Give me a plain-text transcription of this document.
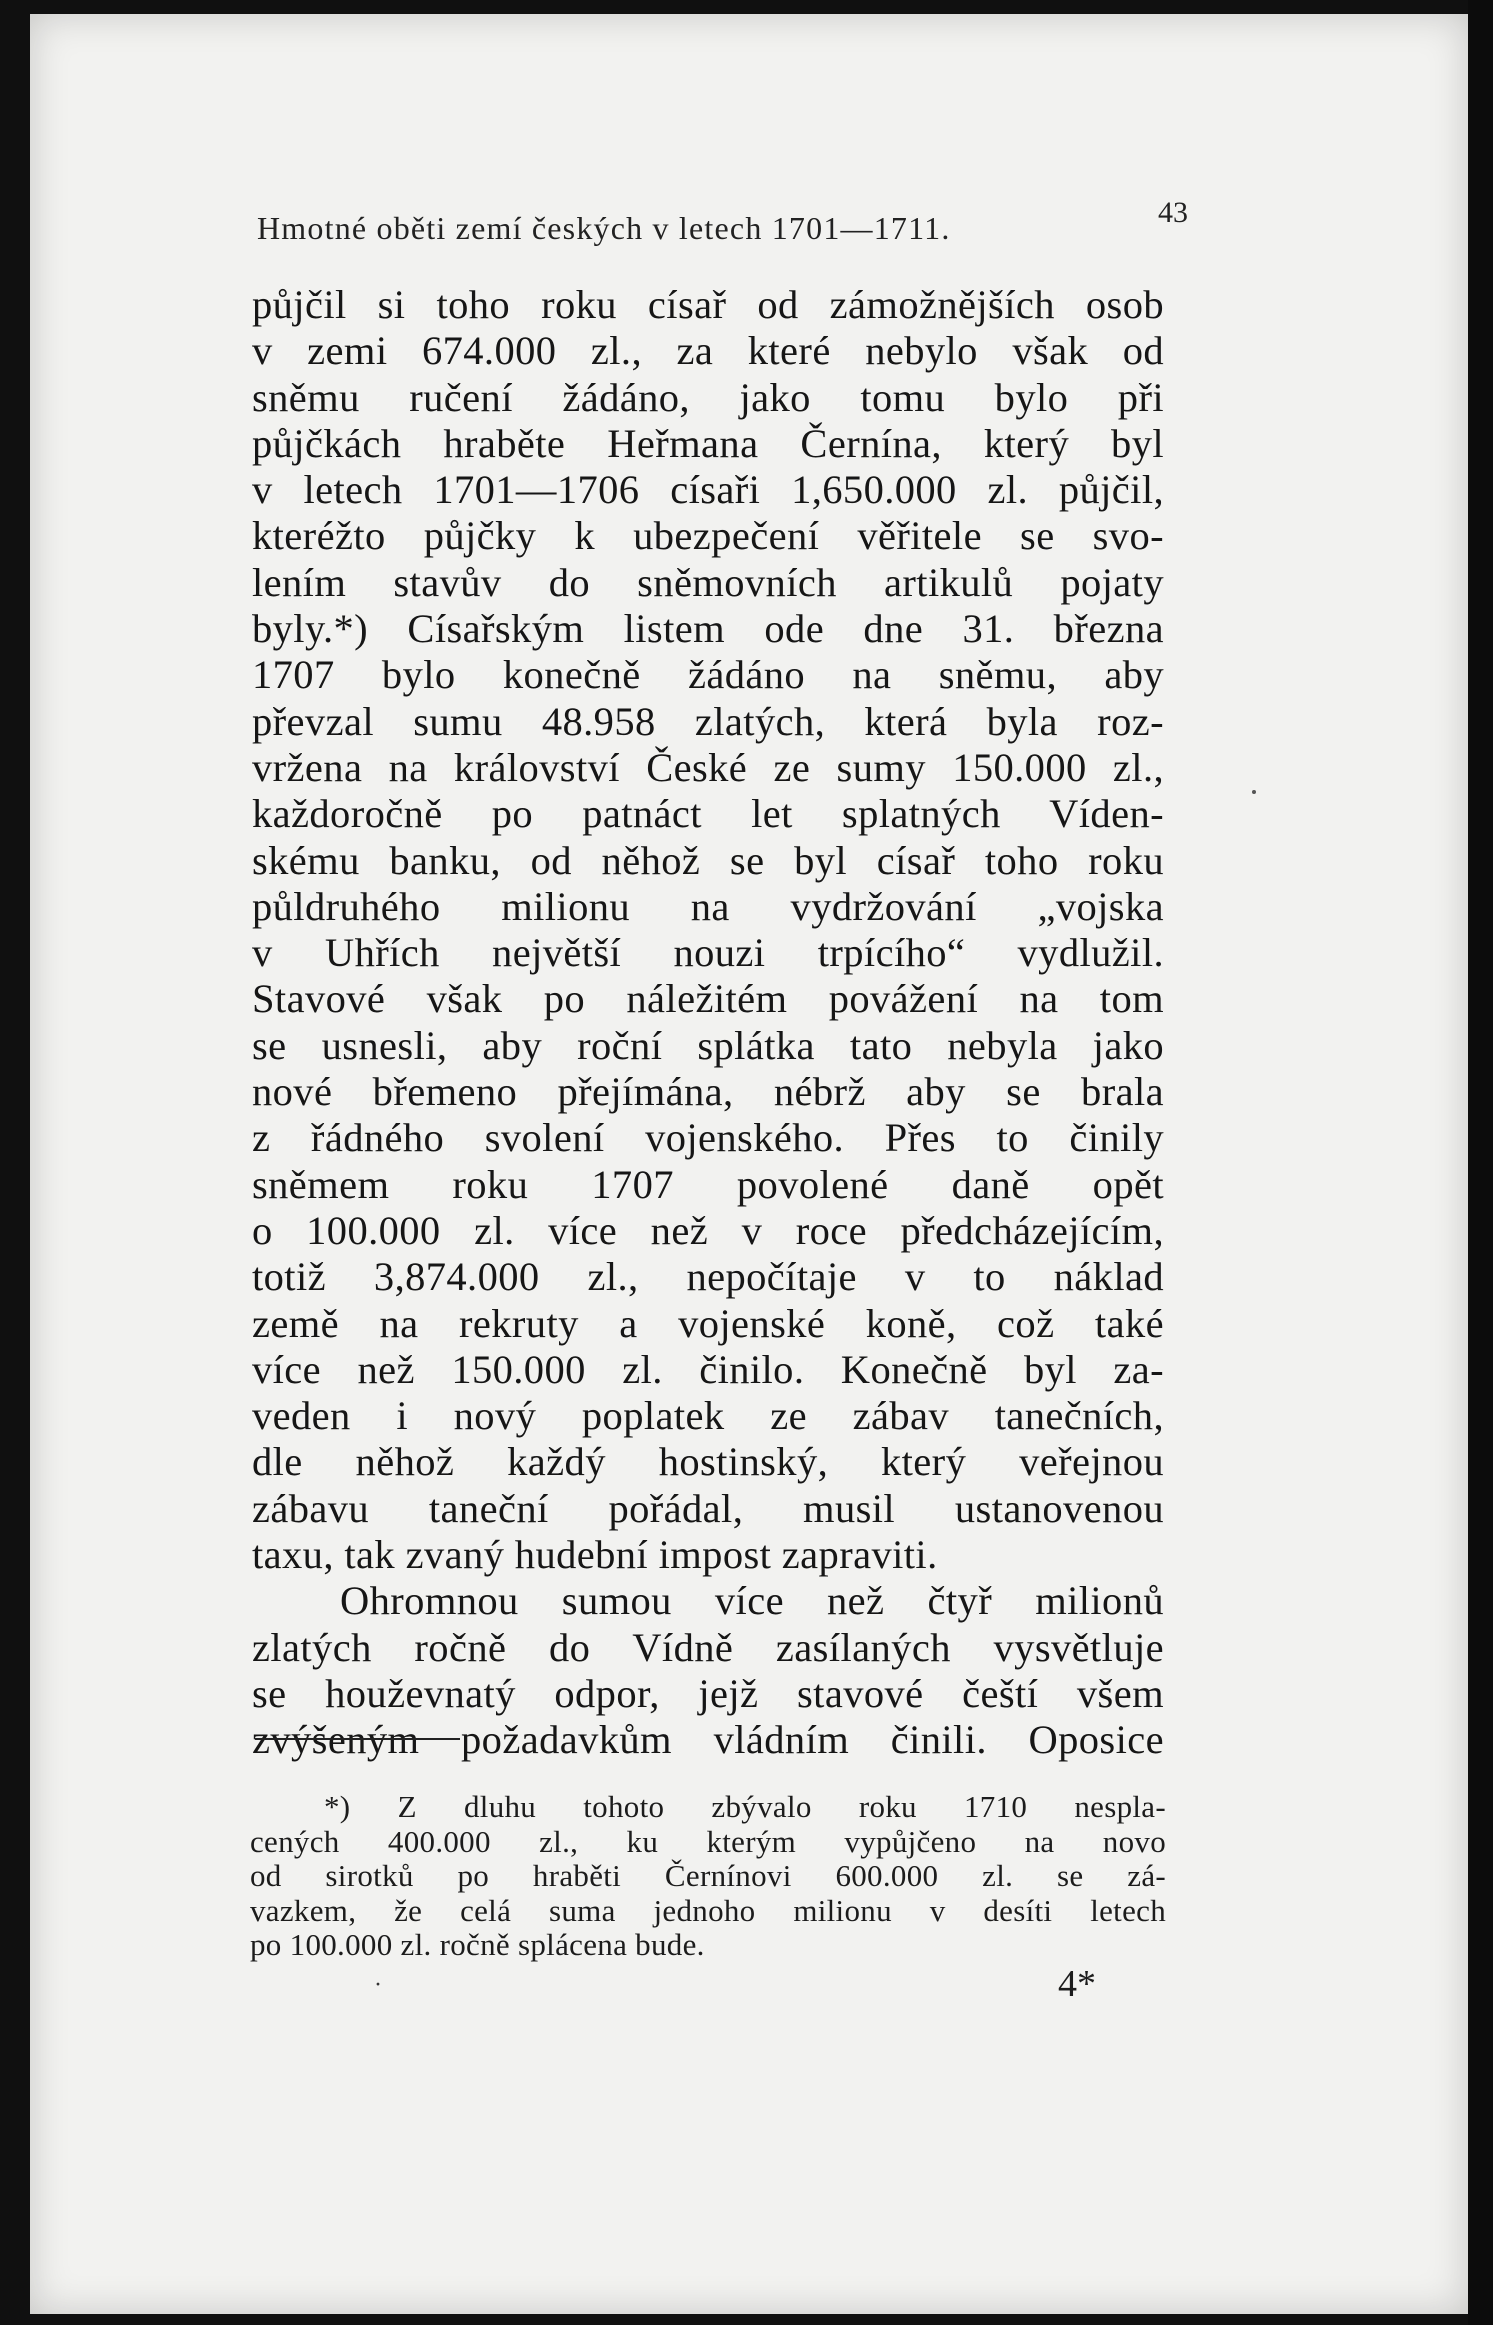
Hmotné oběti zemí českých v letech 1701—1711.	43
půjčil si toho roku císař od zámožnějších osob
v zemi 674.000 zl., za které nebylo však od
sněmu ručení žádáno, jako tomu bylo při
půjčkách hraběte Heřmana Černína, který byl
v letech 1701—1706 císaři 1,650.000 zl. půjčil,
kteréžto půjčky k ubezpečení věřitele se svo-
lením stavův do sněmovních artikulů pojaty
byly.*) Císařským listem ode dne 31. března
1707 bylo konečně žádáno na sněmu, aby
převzal sumu 48.958 zlatých, která byla roz-
vržena na království České ze sumy 150.000 zl.,
každoročně po patnáct let splatných Víden-
skému banku, od něhož se byl císař toho roku
půldruhého milionu na vydržování „vojska
v Uhřích největší nouzi trpícího“ vydlužil.
Stavové však po náležitém povážení na tom
se usnesli, aby roční splátka tato nebyla jako
nové břemeno přejímána, nébrž aby se brala
z řádného svolení vojenského. Přes to činily
sněmem roku 1707 povolené daně opět
o 100.000 zl. více než v roce předcházejícím,
totiž 3,874.000 zl., nepočítaje v to náklad
země na rekruty a vojenské koně, což také
více než 150.000 zl. činilo. Konečně byl za-
veden i nový poplatek ze zábav tanečních,
dle něhož každý hostinský, který veřejnou
zábavu taneční pořádal, musil ustanovenou
taxu, tak zvaný hudební impost zapraviti.
Ohromnou sumou více než čtyř milionů
zlatých ročně do Vídně zasílaných vysvětluje
se houževnatý odpor, jejž stavové čeští všem
zvýšeným požadavkům vládním činili. Oposice
*) Z dluhu tohoto zbývalo roku 1710 nespla-
cených 400.000 zl., ku kterým vypůjčeno na novo
od sirotků po hraběti Černínovi 600.000 zl. se zá-
vazkem, že celá suma jednoho milionu v desíti letech
po 100.000 zl. ročně splácena bude.
·	4*
